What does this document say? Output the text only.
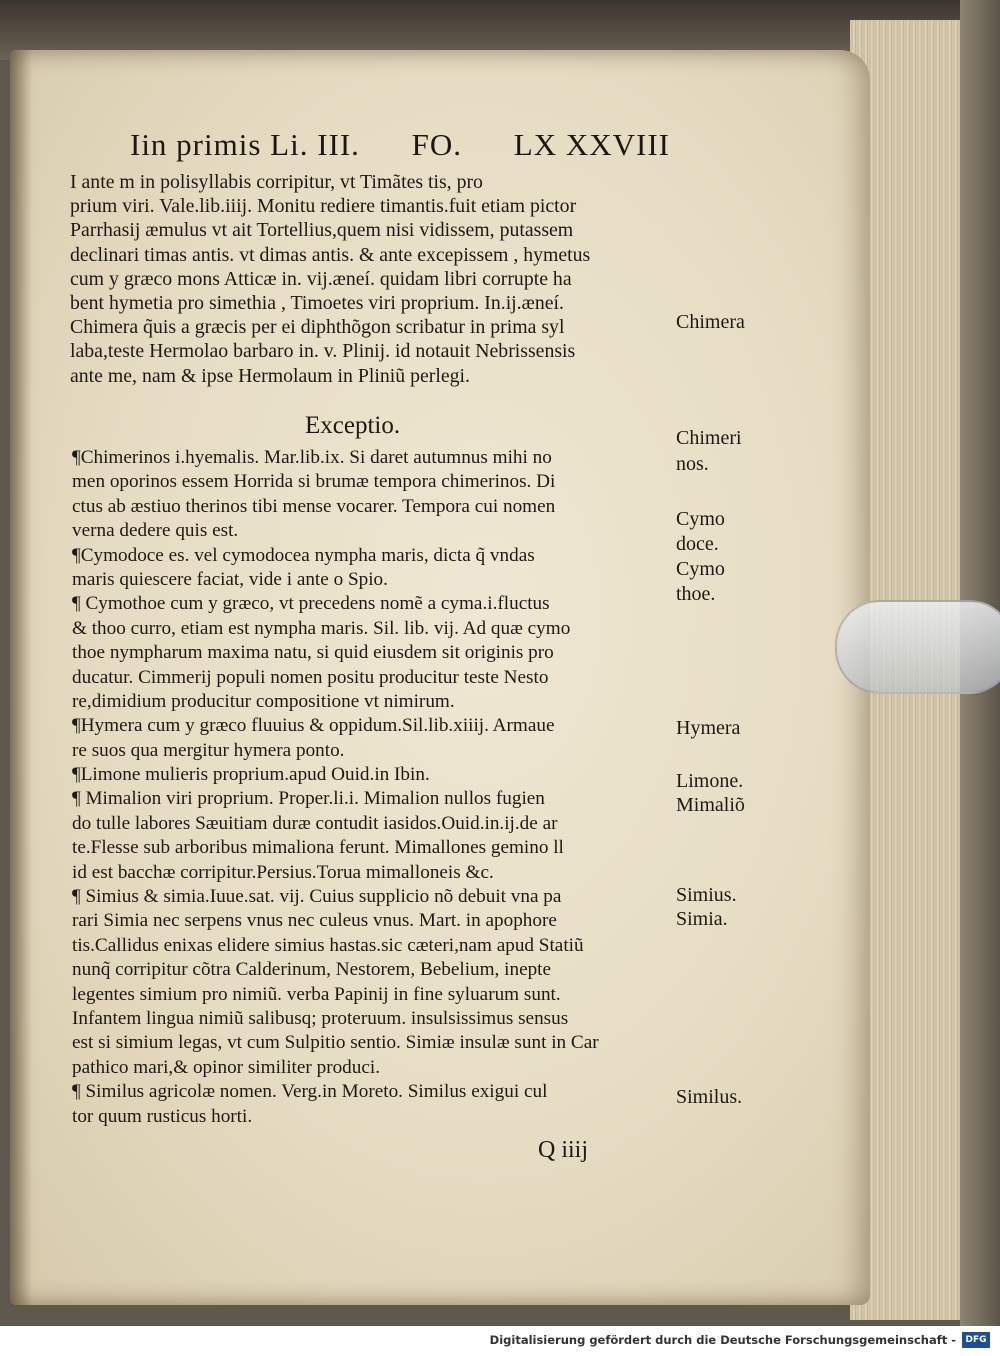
Iin primis Li. III. FO. LX XXVIII
I ante m in polisyllabis corripitur, vt Timãtes tis, pro
prium viri. Vale.lib.iiij. Monitu rediere timantis.fuit etiam pictor
Parrhasij æmulus vt ait Tortellius,quem nisi vidissem, putassem
declinari timas antis. vt dimas antis. & ante excepissem , hymetus
cum y græco mons Atticæ in. vij.æneí. quidam libri corrupte ha
bent hymetia pro simethia , Timoetes viri proprium. In.ij.æneí.
Chimera q̃uis a græcis per ei diphthõgon scribatur in prima syl
laba,teste Hermolao barbaro in. v. Plinij. id notauit Nebrissensis
ante me, nam & ipse Hermolaum in Pliniũ perlegi.
Exceptio.
¶Chimerinos i.hyemalis. Mar.lib.ix. Si daret autumnus mihi no
men oporinos essem Horrida si brumæ tempora chimerinos. Di
ctus ab æstiuo therinos tibi mense vocarer. Tempora cui nomen
verna dedere quis est.
¶Cymodoce es. vel cymodocea nympha maris, dicta q̃ vndas
maris quiescere faciat, vide i ante o Spio.
¶ Cymothoe cum y græco, vt precedens nomẽ a cyma.i.fluctus
& thoo curro, etiam est nympha maris. Sil. lib. vij. Ad quæ cymo
thoe nympharum maxima natu, si quid eiusdem sit originis pro
ducatur. Cimmerij populi nomen positu producitur teste Nesto
re,dimidium producitur compositione vt nimirum.
¶Hymera cum y græco fluuius & oppidum.Sil.lib.xiiij. Armaue
re suos qua mergitur hymera ponto.
¶Limone mulieris proprium.apud Ouid.in Ibin.
¶ Mimalion viri proprium. Proper.li.i. Mimalion nullos fugien
do tulle labores Sæuitiam duræ contudit iasidos.Ouid.in.ij.de ar
te.Flesse sub arboribus mimaliona ferunt. Mimallones gemino ll
id est bacchæ corripitur.Persius.Torua mimalloneis &c.
¶ Simius & simia.Iuue.sat. vij. Cuius supplicio nõ debuit vna pa
rari Simia nec serpens vnus nec culeus vnus. Mart. in apophore
tis.Callidus enixas elidere simius hastas.sic cæteri,nam apud Statiũ
nunq̃ corripitur cõtra Calderinum, Nestorem, Bebelium, inepte
legentes simium pro nimiũ. verba Papinij in fine syluarum sunt.
Infantem lingua nimiũ salibusq; proteruum. insulsissimus sensus
est si simium legas, vt cum Sulpitio sentio. Simiæ insulæ sunt in Car
pathico mari,& opinor similiter produci.
¶ Similus agricolæ nomen. Verg.in Moreto. Similus exigui cul
tor quum rusticus horti.
Chimera
Chimeri
nos.
Cymo
doce.
Cymo
thoe.
Hymera
Limone.
Mimaliõ
Simius.
Simia.
Similus.
Q iiij
Digitalisierung gefördert durch die Deutsche Forschungsgemeinschaft -	DFG
